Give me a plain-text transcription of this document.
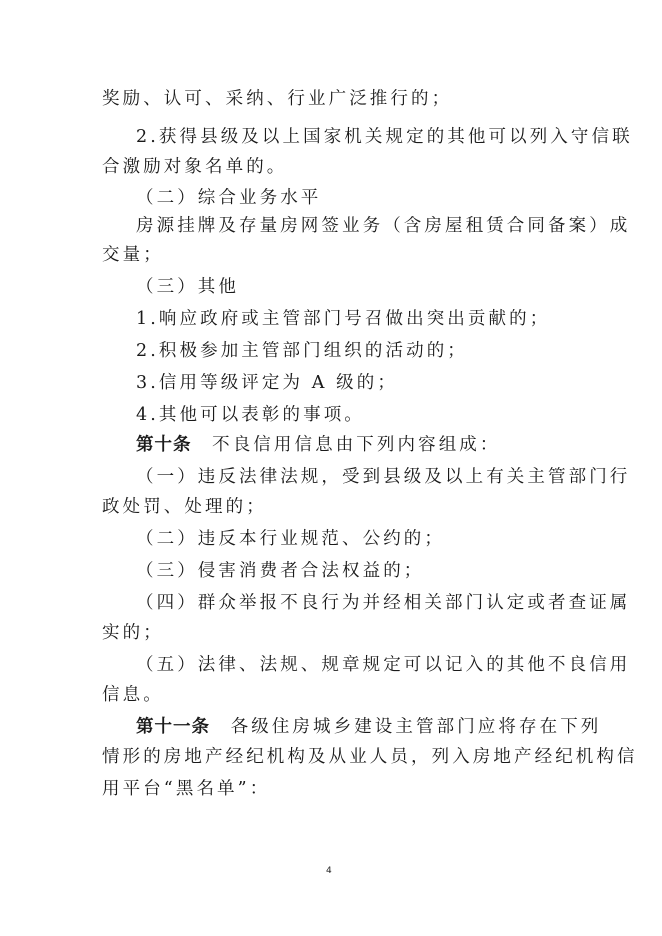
奖励、认可、采纳、行业广泛推行的；
2.获得县级及以上国家机关规定的其他可以列入守信联
合激励对象名单的。
（二）综合业务水平
房源挂牌及存量房网签业务（含房屋租赁合同备案）成
交量；
（三）其他
1.响应政府或主管部门号召做出突出贡献的；
2.积极参加主管部门组织的活动的；
3.信用等级评定为 A 级的；
4.其他可以表彰的事项。
第十条　不良信用信息由下列内容组成：
（一）违反法律法规，受到县级及以上有关主管部门行
政处罚、处理的；
（二）违反本行业规范、公约的；
（三）侵害消费者合法权益的；
（四）群众举报不良行为并经相关部门认定或者查证属
实的；
（五）法律、法规、规章规定可以记入的其他不良信用
信息。
第十一条　各级住房城乡建设主管部门应将存在下列
情形的房地产经纪机构及从业人员，列入房地产经纪机构信
用平台“黑名单”：
4
